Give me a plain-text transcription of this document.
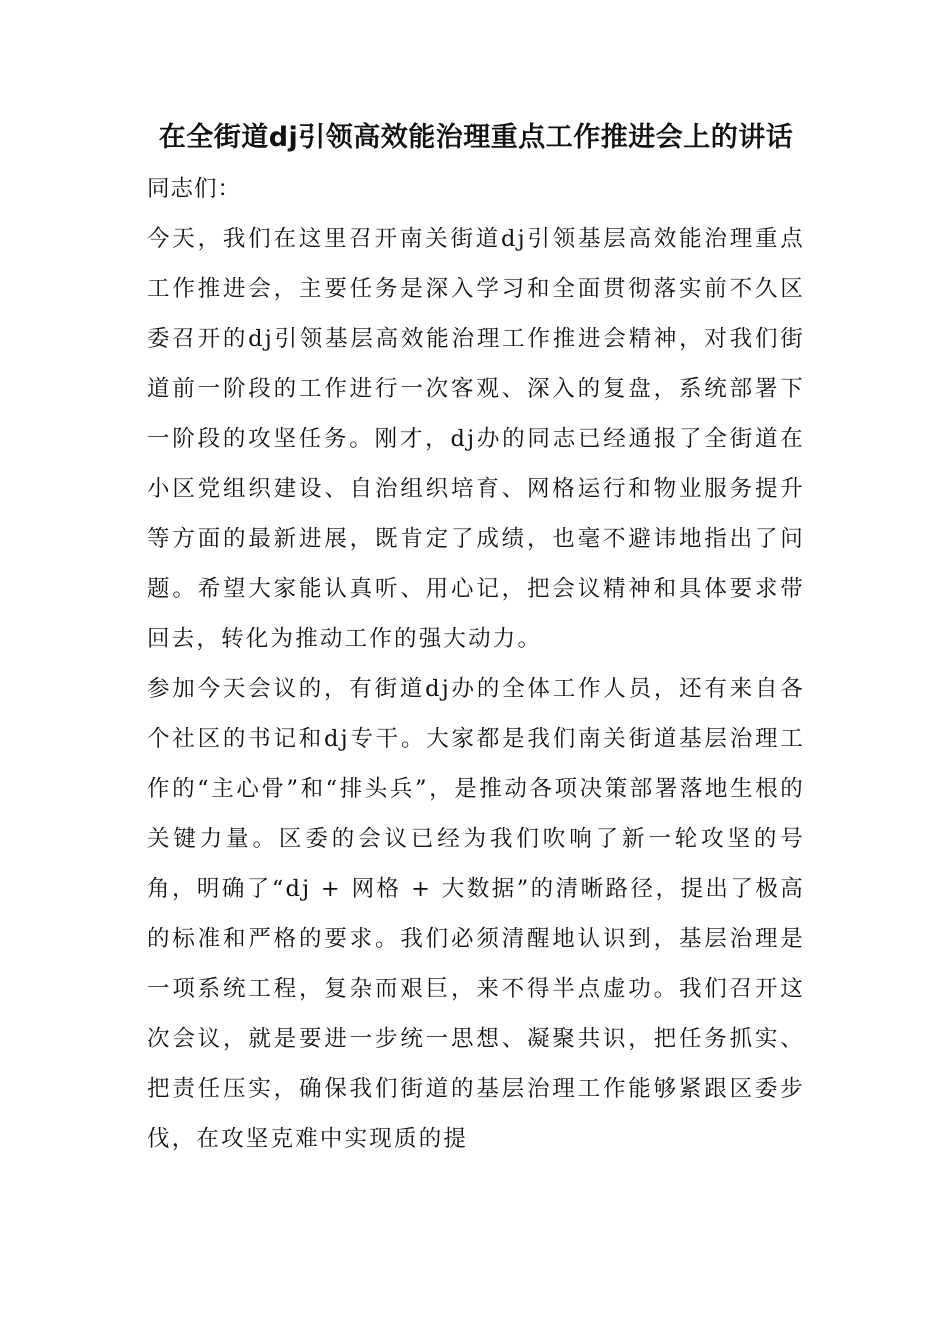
在全街道dj引领高效能治理重点工作推进会上的讲话

同志们：

今天，我们在这里召开南关街道dj引领基层高效能治理重点工作推进会，主要任务是深入学习和全面贯彻落实前不久区委召开的dj引领基层高效能治理工作推进会精神，对我们街道前一阶段的工作进行一次客观、深入的复盘，系统部署下一阶段的攻坚任务。刚才，dj办的同志已经通报了全街道在小区党组织建设、自治组织培育、网格运行和物业服务提升等方面的最新进展，既肯定了成绩，也毫不避讳地指出了问题。希望大家能认真听、用心记，把会议精神和具体要求带回去，转化为推动工作的强大动力。

参加今天会议的，有街道dj办的全体工作人员，还有来自各个社区的书记和dj专干。大家都是我们南关街道基层治理工作的“主心骨”和“排头兵”，是推动各项决策部署落地生根的关键力量。区委的会议已经为我们吹响了新一轮攻坚的号角，明确了“dj + 网格 + 大数据”的清晰路径，提出了极高的标准和严格的要求。我们必须清醒地认识到，基层治理是一项系统工程，复杂而艰巨，来不得半点虚功。我们召开这次会议，就是要进一步统一思想、凝聚共识，把任务抓实、把责任压实，确保我们街道的基层治理工作能够紧跟区委步伐，在攻坚克难中实现质的提
